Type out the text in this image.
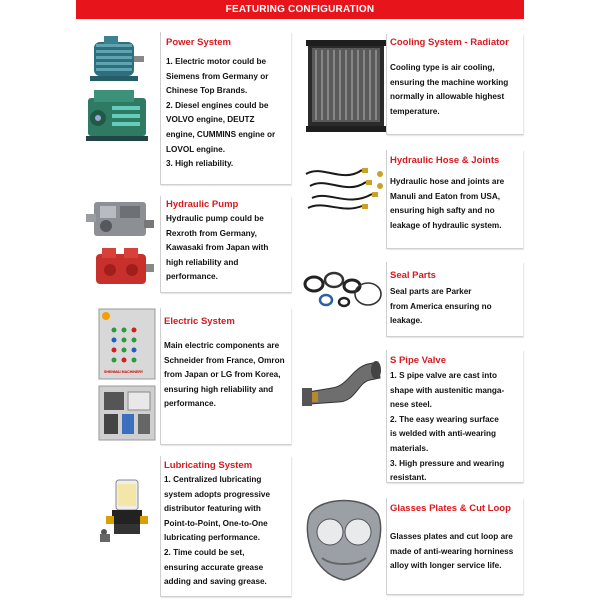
FEATURING CONFIGURATION
Power System

1. Electric motor could be

Siemens from Germany or

Chinese Top Brands.

2. Diesel engines could be

VOLVO engine, DEUTZ

engine, CUMMINS engine or

LOVOL engine.

3. High reliability.

Hydraulic Pump

Hydraulic pump could be

Rexroth from Germany,

Kawasaki from Japan with

high reliability and

performance.

SHENMAI MACHINERY
Electric System

Main electric components are

Schneider from France, Omron

from Japan or LG from Korea,

ensuring high reliability and

performance.

Lubricating System

1. Centralized lubricating

system adopts progressive

distributor featuring with

Point-to-Point, One-to-One

lubricating performance.

2. Time could be set,

ensuring accurate grease

adding and saving grease.

Cooling System - Radiator

Cooling type is air cooling,

ensuring the machine working

normally in allowable highest

temperature.

Hydraulic Hose & Joints

Hydraulic hose and joints are

Manuli and Eaton from USA,

ensuring high safty and no

leakage of hydraulic system.

Seal Parts

Seal parts are Parker

from America ensuring no

leakage.

S Pipe Valve

1. S pipe valve are cast into

shape with austenitic manga-

nese steel.

2. The easy wearing surface

is welded with anti-wearing

materials.

3. High pressure and wearing

resistant.

Glasses Plates & Cut Loop

Glasses plates and cut loop are

made of anti-wearing horniness

alloy with longer service life.
